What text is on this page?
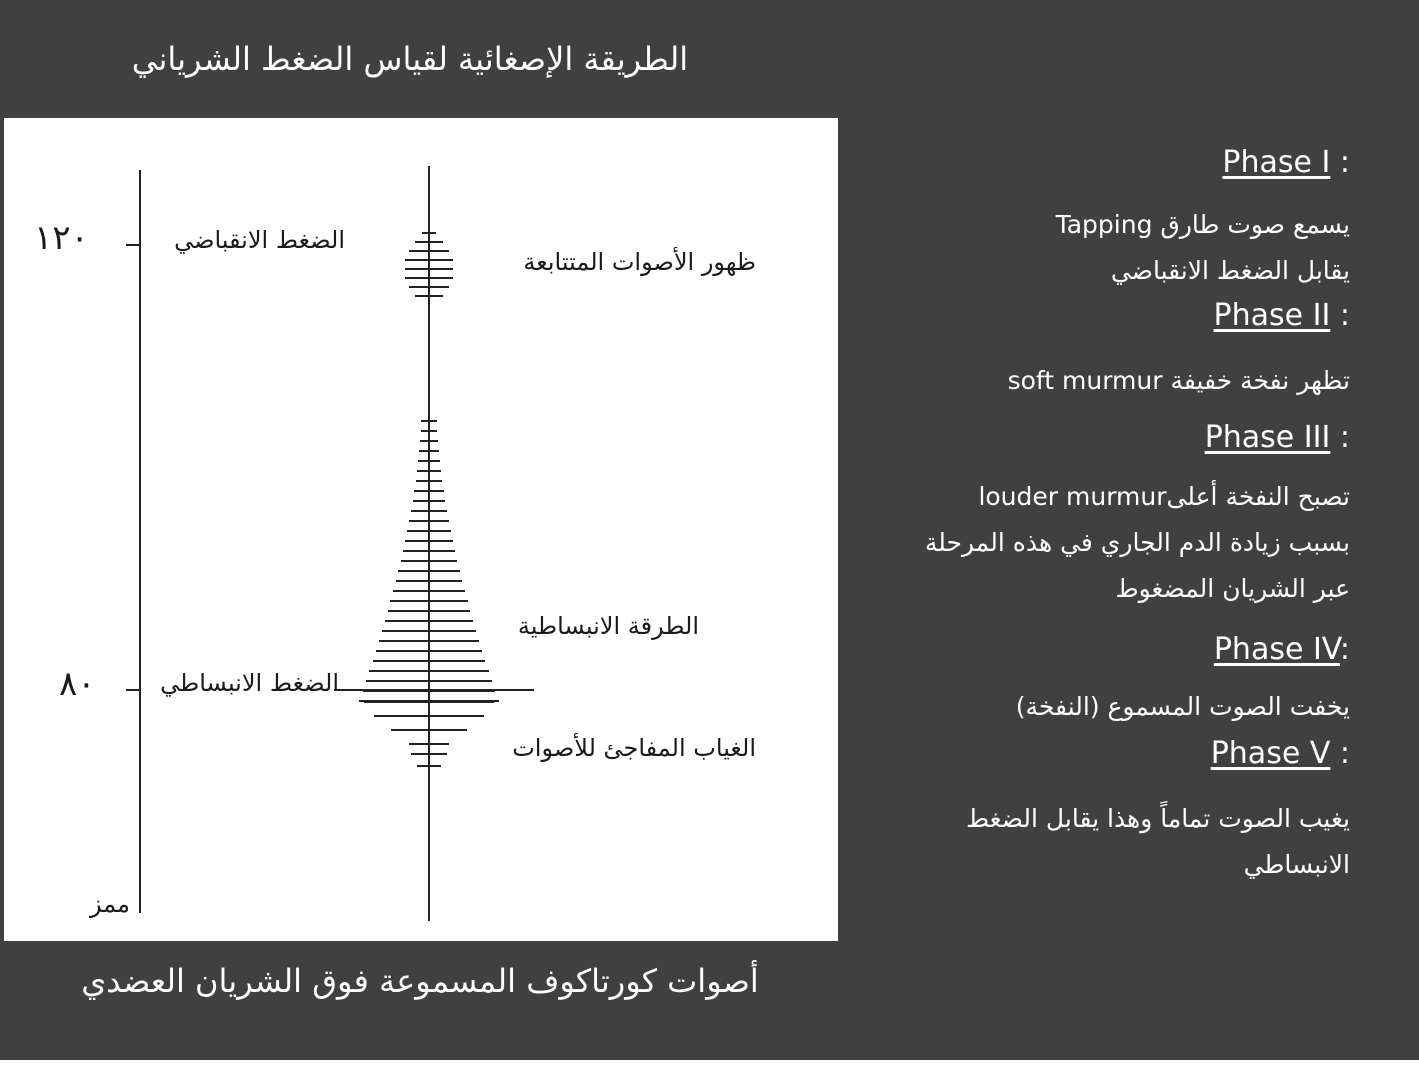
الطريقة الإصغائية لقياس الضغط الشرياني
١٢٠
٨٠
ممز
الضغط الانقباضي
الضغط الانبساطي
ظهور الأصوات المتتابعة
الطرقة الانبساطية
الغياب المفاجئ للأصوات
أصوات كورتاكوف المسموعة فوق الشريان العضدي
Phase I :
يسمع صوت طارق Tapping
يقابل الضغط الانقباضي
Phase II :
تظهر نفخة خفيفة soft murmur
Phase III :
تصبح النفخة أعلىlouder murmur
بسبب زيادة الدم الجاري في هذه المرحلة
عبر الشريان المضغوط
Phase IV:
يخفت الصوت المسموع (النفخة)
Phase V :
يغيب الصوت تماماً وهذا يقابل الضغط
الانبساطي
